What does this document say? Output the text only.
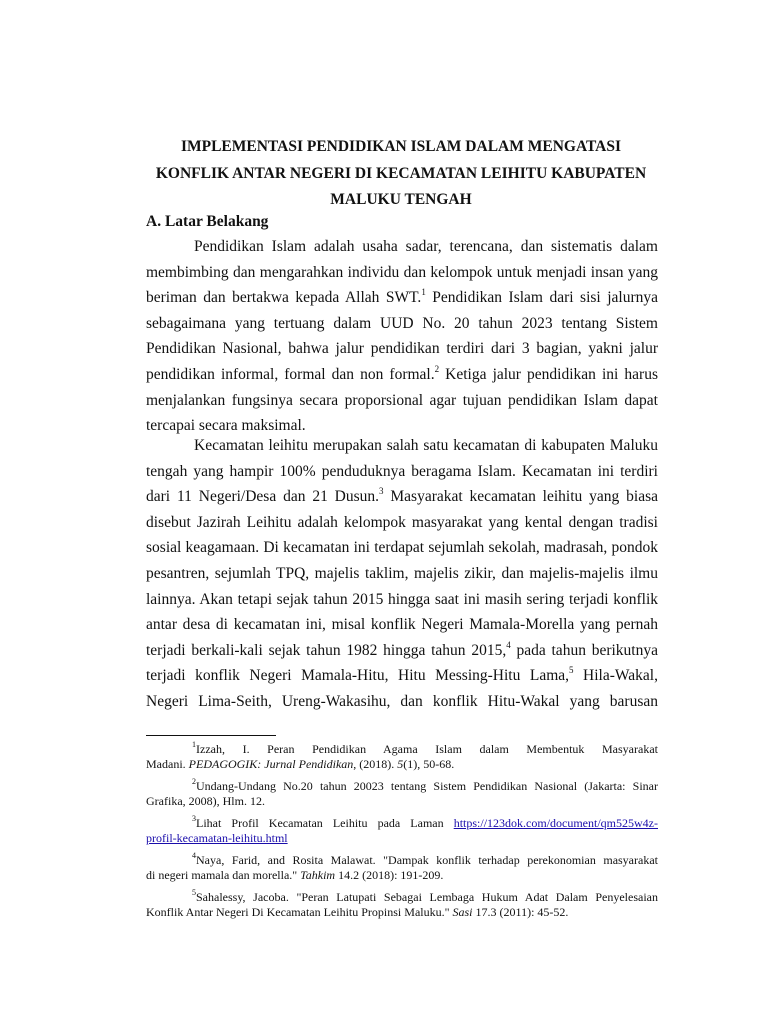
IMPLEMENTASI PENDIDIKAN ISLAM DALAM MENGATASI
KONFLIK ANTAR NEGERI DI KECAMATAN LEIHITU KABUPATEN
MALUKU TENGAH
A. Latar Belakang
Pendidikan Islam adalah usaha sadar, terencana, dan sistematis dalam
membimbing dan mengarahkan individu dan kelompok untuk menjadi insan yang
beriman dan bertakwa kepada Allah SWT.$^1$ Pendidikan Islam dari sisi jalurnya
sebagaimana yang tertuang dalam UUD No. 20 tahun 2023 tentang Sistem
Pendidikan Nasional, bahwa jalur pendidikan terdiri dari 3 bagian, yakni jalur
pendidikan informal, formal dan non formal.$^2$ Ketiga jalur pendidikan ini harus
menjalankan fungsinya secara proporsional agar tujuan pendidikan Islam dapat
tercapai secara maksimal.
Kecamatan leihitu merupakan salah satu kecamatan di kabupaten Maluku
tengah yang hampir 100% penduduknya beragama Islam. Kecamatan ini terdiri
dari 11 Negeri/Desa dan 21 Dusun.$^3$ Masyarakat kecamatan leihitu yang biasa
disebut Jazirah Leihitu adalah kelompok masyarakat yang kental dengan tradisi
sosial keagamaan. Di kecamatan ini terdapat sejumlah sekolah, madrasah, pondok
pesantren, sejumlah TPQ, majelis taklim, majelis zikir, dan majelis-majelis ilmu
lainnya. Akan tetapi sejak tahun 2015 hingga saat ini masih sering terjadi konflik
antar desa di kecamatan ini, misal konflik Negeri Mamala-Morella yang pernah
terjadi berkali-kali sejak tahun 1982 hingga tahun 2015,$^4$ pada tahun berikutnya
terjadi konflik Negeri Mamala-Hitu, Hitu Messing-Hitu Lama,$^5$ Hila-Wakal,
Negeri Lima-Seith, Ureng-Wakasihu, dan konflik Hitu-Wakal yang barusan
$^1$Izzah, I. Peran Pendidikan Agama Islam dalam Membentuk Masyarakat
Madani. PEDAGOGIK: Jurnal Pendidikan, (2018). 5(1), 50-68.
$^2$Undang-Undang No.20 tahun 20023 tentang Sistem Pendidikan Nasional (Jakarta: Sinar
Grafika, 2008), Hlm. 12.
$^3$Lihat Profil Kecamatan Leihitu pada Laman https://123dok.com/document/qm525w4z-
profil-kecamatan-leihitu.html
$^4$Naya, Farid, and Rosita Malawat. "Dampak konflik terhadap perekonomian masyarakat
di negeri mamala dan morella." Tahkim 14.2 (2018): 191-209.
$^5$Sahalessy, Jacoba. "Peran Latupati Sebagai Lembaga Hukum Adat Dalam Penyelesaian
Konflik Antar Negeri Di Kecamatan Leihitu Propinsi Maluku." Sasi 17.3 (2011): 45-52.
